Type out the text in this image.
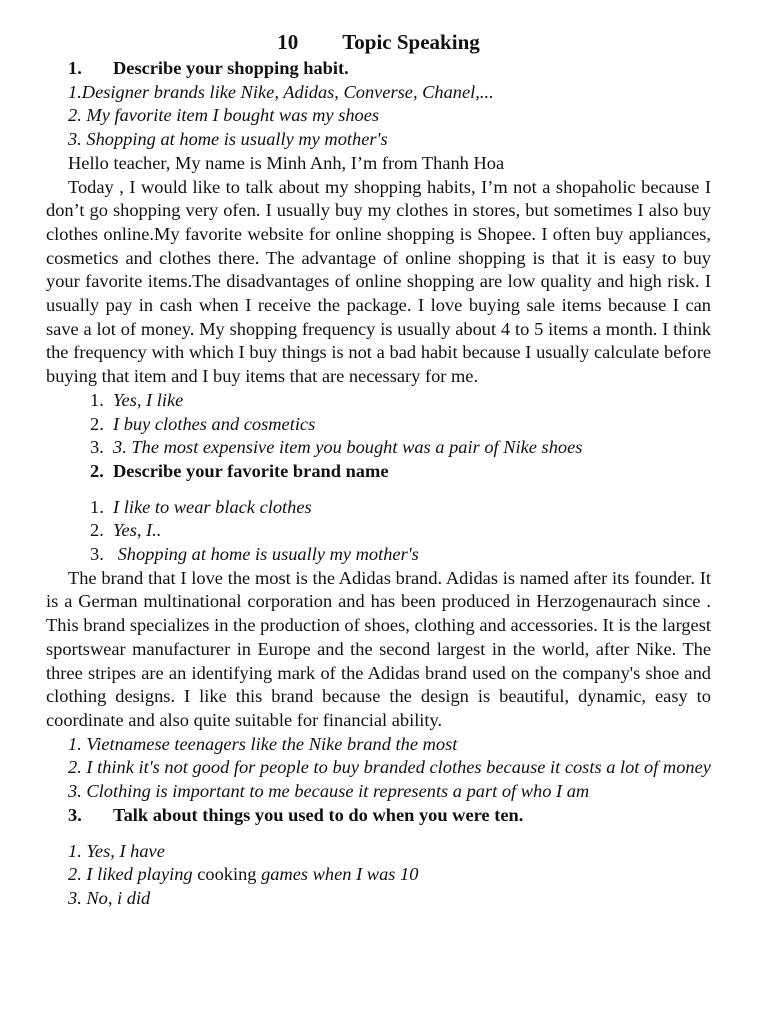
10 Topic Speaking
1.	Describe your shopping habit.

1.Designer brands like Nike, Adidas, Converse, Chanel,...

2. My favorite item I bought was my shoes

3. Shopping at home is usually my mother's

Hello teacher, My name is Minh Anh, I’m from Thanh Hoa

Today , I would like to talk about my shopping habits, I’m not a shopaholic because I don’t go shopping very ofen. I usually buy my clothes in stores, but sometimes I also buy clothes online.My favorite website for online shopping is Shopee. I often buy appliances, cosmetics and clothes there. The advantage of online shopping is that it is easy to buy your favorite items.The disadvantages of online shopping are low quality and high risk. I usually pay in cash when I receive the package. I love buying sale items because I can save a lot of money. My shopping frequency is usually about 4 to 5 items a month. I think the frequency with which I buy things is not a bad habit because I usually calculate before buying that item and I buy items that are necessary for me.

1. Yes, I like
2. I buy clothes and cosmetics
3. 3. The most expensive item you bought was a pair of Nike shoes
2. Describe your favorite brand name
1. I like to wear black clothes
2. Yes, I..
3. Shopping at home is usually my mother's

The brand that I love the most is the Adidas brand. Adidas is named after its founder. It is a German multinational corporation and has been produced in Herzogenaurach since . This brand specializes in the production of shoes, clothing and accessories. It is the largest sportswear manufacturer in Europe and the second largest in the world, after Nike. The three stripes are an identifying mark of the Adidas brand used on the company's shoe and clothing designs. I like this brand because the design is beautiful, dynamic, easy to coordinate and also quite suitable for financial ability.

1. Vietnamese teenagers like the Nike brand the most

2. I think it's not good for people to buy branded clothes because it costs a lot of money

3. Clothing is important to me because it represents a part of who I am

3.	Talk about things you used to do when you were ten.

1. Yes, I have

2. I liked playing cooking games when I was 10

3. No, i did
